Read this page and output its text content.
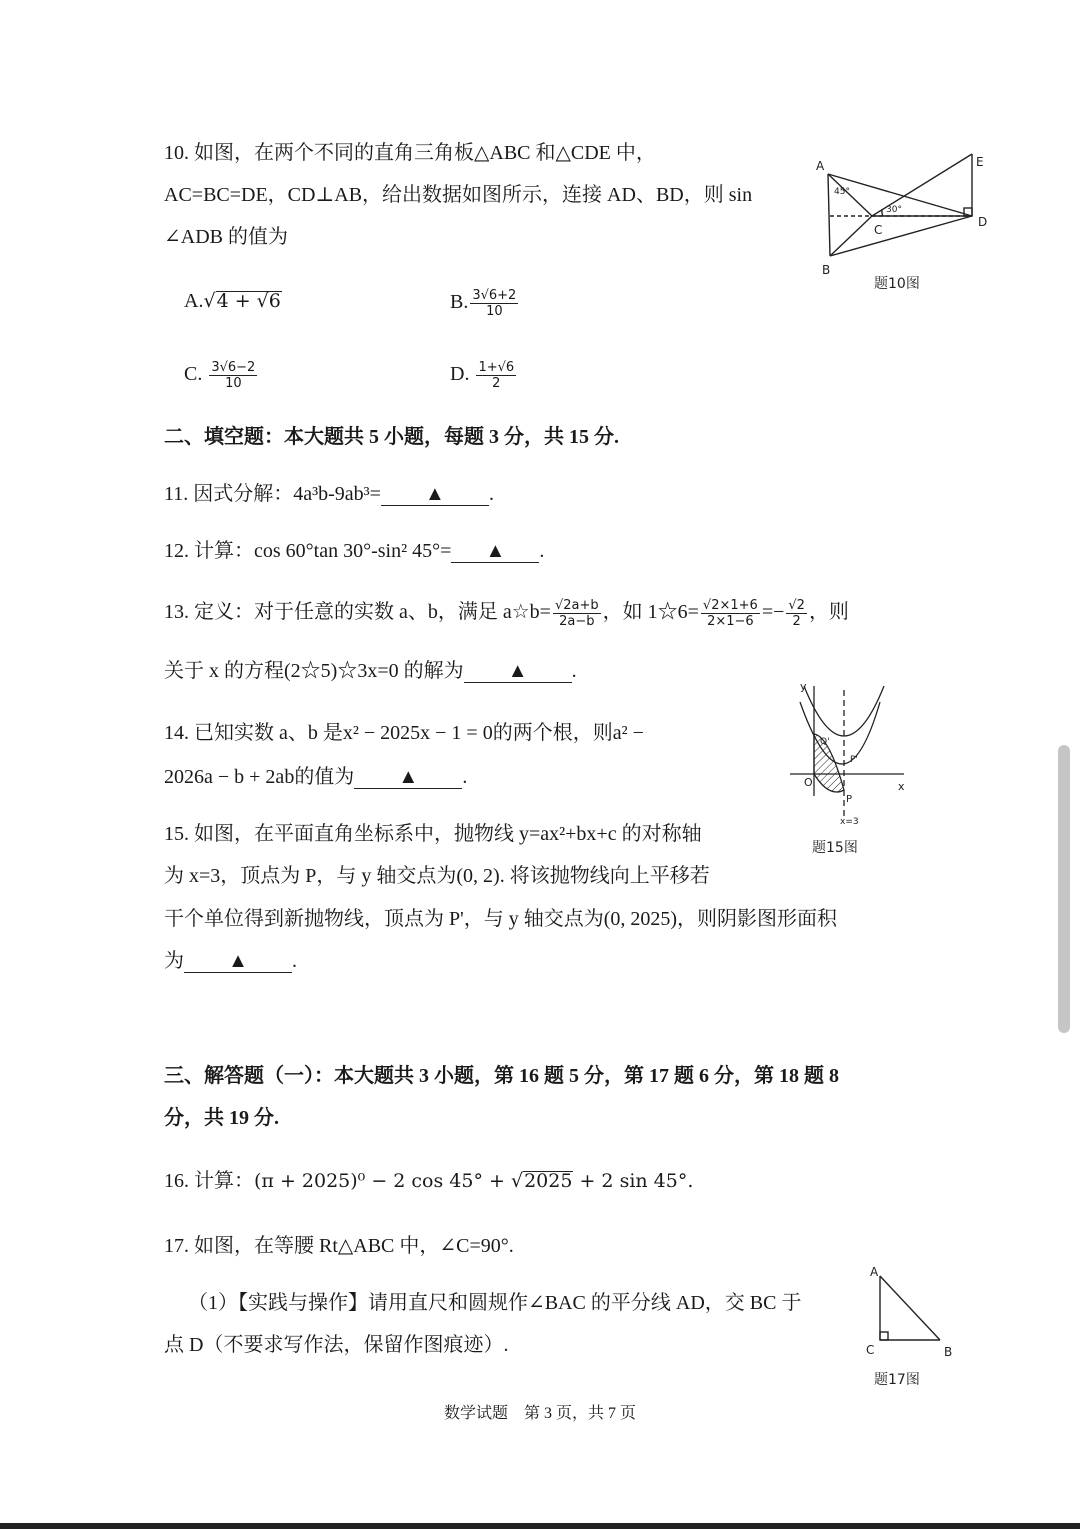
10. 如图，在两个不同的直角三角板△ABC 和△CDE 中，
AC=BC=DE，CD⊥AB，给出数据如图所示，连接 AD、BD，则 sin
∠ADB 的值为
A.√4 + √6	B. $\frac{3√6+2}{10}$
C. $\frac{3√6-2}{10}$	D. $\frac{1+√6}{2}$
A	E
C
D
B
45°
30°
题10图
二、填空题：本大题共 5 小题，每题 3 分，共 15 分.
11. 因式分解：4a³b-9ab³= ▲ .
12. 计算：cos 60°tan 30°-sin² 45°= ▲ .
13. 定义：对于任意的实数 a、b，满足 a☆b= $\frac{√2a+b}{2a-b}$ ，如 1☆6= $\frac{√2\times 1+6}{2\times 1-6} =- \frac{√2}{2}$ ，则
关于 x 的方程(2☆5)☆3x=0 的解为 ▲ .
14. 已知实数 a、b 是x² − 2025x − 1 = 0的两个根，则a² −
2026a − b + 2ab的值为 ▲ .
15. 如图，在平面直角坐标系中，抛物线 y=ax²+bx+c 的对称轴
为 x=3，顶点为 P，与 y 轴交点为(0, 2). 将该抛物线向上平移若
干个单位得到新抛物线，顶点为 P'，与 y 轴交点为(0, 2025)，则阴影图形面积
为 ▲ .
y
x
O
Q'
P'
P
x=3
题15图
三、解答题（一）：本大题共 3 小题，第 16 题 5 分，第 17 题 6 分，第 18 题 8
分，共 19 分.
16. 计算：(π + 2025)⁰ − 2 cos 45° + √2025 + 2 sin 45°.
17. 如图，在等腰 Rt△ABC 中，∠C=90°.
（1）【实践与操作】请用直尺和圆规作∠BAC 的平分线 AD，交 BC 于
点 D（不要求写作法，保留作图痕迹）.
A
C	B
题17图
数学试题　第 3 页，共 7 页
